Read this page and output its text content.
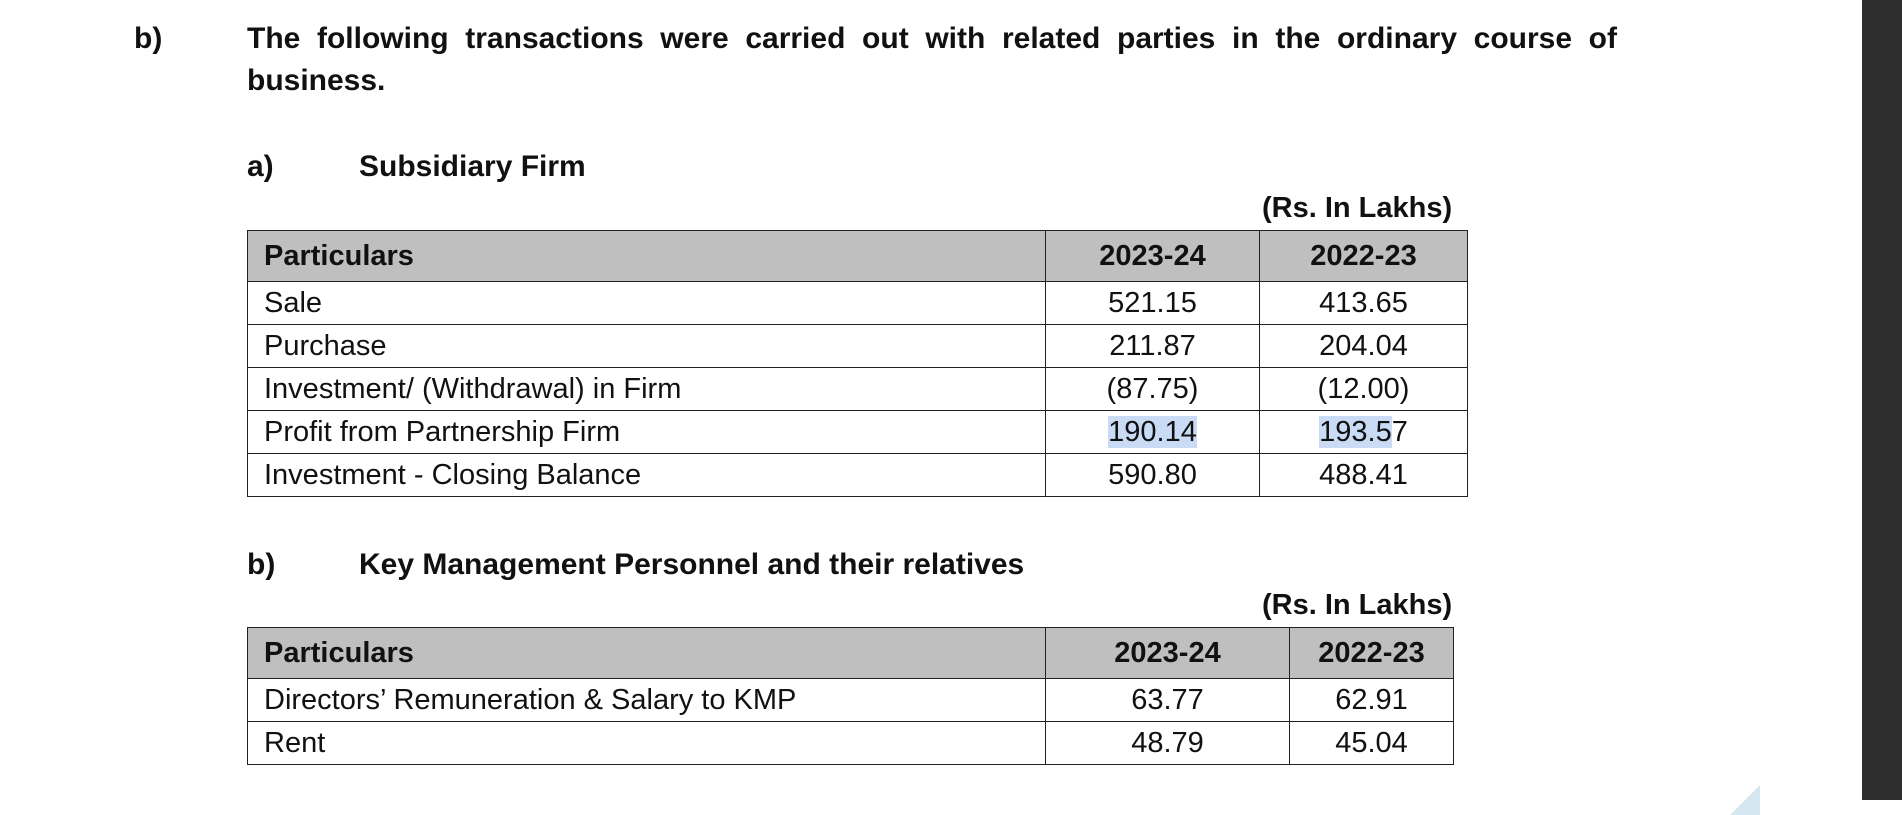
b)	The following transactions were carried out with related parties in the ordinary course of business.
a)	Subsidiary Firm
(Rs. In Lakhs)
Particulars	2023-24	2022-23
Sale	521.15	413.65
Purchase	211.87	204.04
Investment/ (Withdrawal) in Firm	(87.75)	(12.00)
Profit from Partnership Firm	190.14	193.57
Investment - Closing Balance	590.80	488.41
b)	Key Management Personnel and their relatives
(Rs. In Lakhs)
Particulars	2023-24	2022-23
Directors’ Remuneration & Salary to KMP	63.77	62.91
Rent	48.79	45.04
